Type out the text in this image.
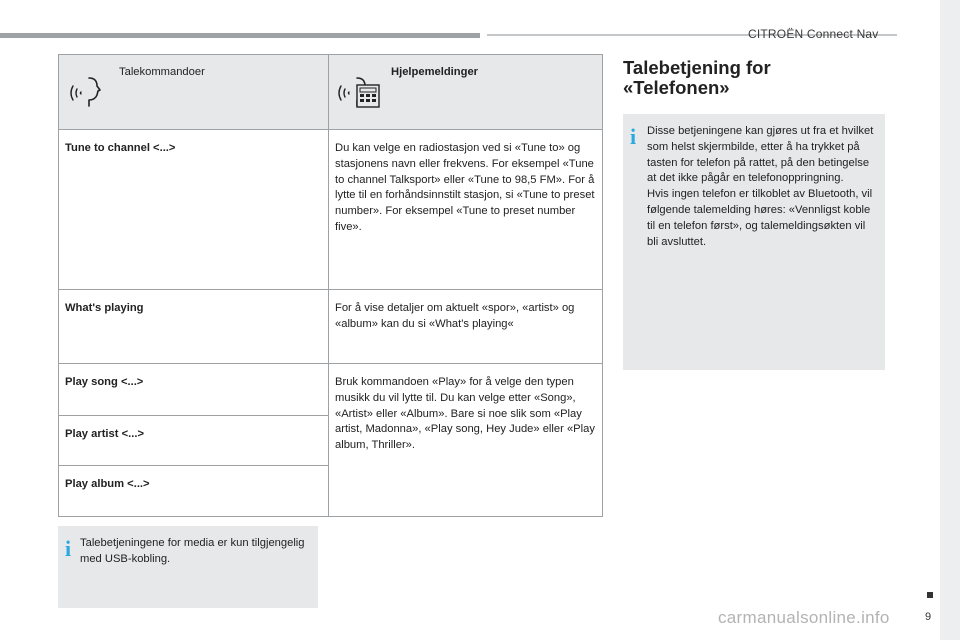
CITROËN Connect Nav
Talekommandoer	Hjelpemeldinger

Tune to channel <...>	Du kan velge en radiostasjon ved si «Tune to» og stasjonens navn eller frekvens. For eksempel «Tune to channel Talksport» eller «Tune to 98,5 FM». For å lytte til en forhåndsinnstilt stasjon, si «Tune to preset number». For eksempel «Tune to preset number five».
What's playing	For å vise detaljer om aktuelt «spor», «artist» og «album» kan du si «What's playing«
Play song <...>	Bruk kommandoen «Play» for å velge den typen musikk du vil lytte til. Du kan velge etter «Song», «Artist» eller «Album». Bare si noe slik som «Play artist, Madonna», «Play song, Hey Jude» eller «Play album, Thriller».
Play artist <...>	
Play album <...>	
i Talebetjeningene for media er kun tilgjengelig med USB-kobling.
Talebetjening for
«Telefonen»
i Disse betjeningene kan gjøres ut fra et hvilket som helst skjermbilde, etter å ha trykket på tasten for telefon på rattet, på den betingelse at det ikke pågår en telefonoppringning.
Hvis ingen telefon er tilkoblet av Bluetooth, vil følgende talemelding høres: «Vennligst koble til en telefon først», og talemeldingsøkten vil bli avsluttet.
9
carmanualsonline.info
